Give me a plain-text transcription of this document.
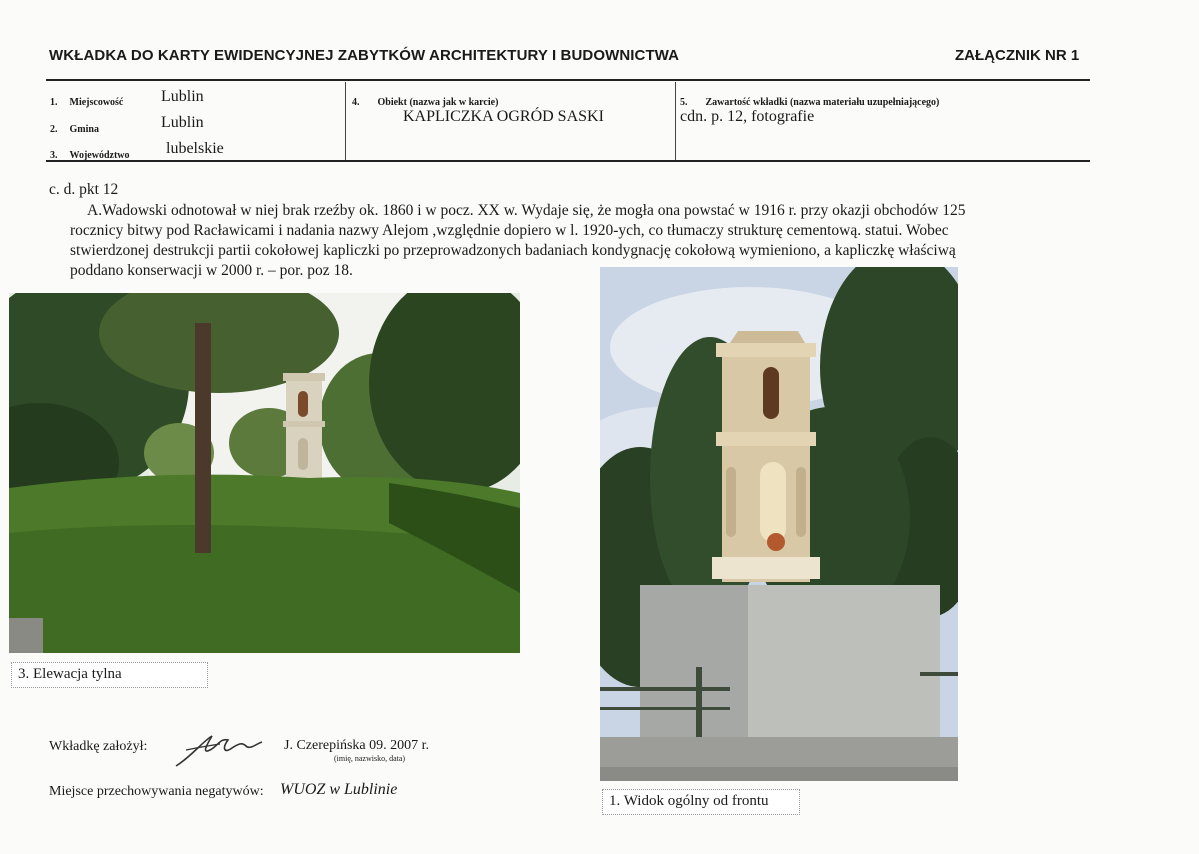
WKŁADKA DO KARTY EWIDENCYJNEJ ZABYTKÓW ARCHITEKTURY I BUDOWNICTWA	ZAŁĄCZNIK NR 1
1. Miejscowość Lublin
2. Gmina	Lublin
3. Województwo lubelskie
4. Obiekt (nazwa jak w karcie)
KAPLICZKA OGRÓD SASKI
5. Zawartość wkładki (nazwa materiału uzupełniającego)
cdn. p. 12, fotografie
c. d. pkt 12
A.Wadowski odnotował w niej brak rzeźby ok. 1860 i w pocz. XX w. Wydaje się, że mogła ona powstać w 1916 r. przy okazji obchodów 125
rocznicy bitwy pod Racławicami i nadania nazwy Alejom ,względnie dopiero w l. 1920-ych, co tłumaczy strukturę cementową. statui. Wobec
stwierdzonej destrukcji partii cokołowej kapliczki po przeprowadzonych badaniach kondygnację cokołową wymieniono, a kapliczkę właściwą
poddano konserwacji w 2000 r. – por. poz 18.
3. Elewacja tylna
1. Widok ogólny od frontu
Wkładkę założył:	J. Czerepińska 09. 2007 r.
(imię, nazwisko, data)
Miejsce przechowywania negatywów: WUOZ w Lublinie
